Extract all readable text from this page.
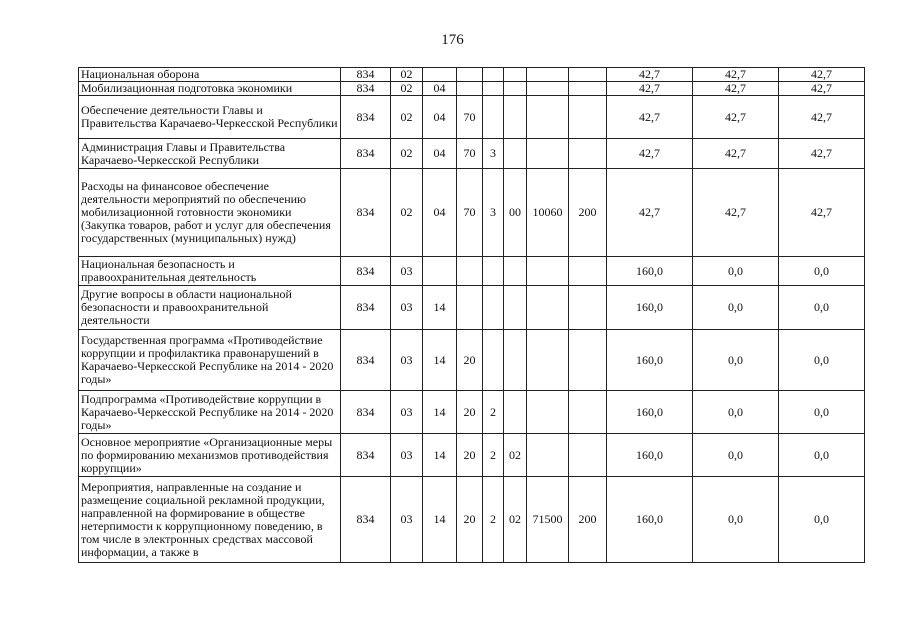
176
Национальная оборона	834	02							42,7	42,7	42,7
Мобилизационная подготовка экономики	834	02	04						42,7	42,7	42,7
Обеспечение деятельности Главы и Правительства Карачаево-Черкесской Республики	834	02	04	70					42,7	42,7	42,7
Администрация Главы и Правительства Карачаево-Черкесской Республики	834	02	04	70	3				42,7	42,7	42,7
Расходы на финансовое обеспечение деятельности мероприятий по обеспечению мобилизационной готовности экономики (Закупка товаров, работ и услуг для обеспечения государственных (муниципальных) нужд)	834	02	04	70	3	00	10060	200	42,7	42,7	42,7
Национальная безопасность и правоохранительная деятельность	834	03							160,0	0,0	0,0
Другие вопросы в области национальной безопасности и правоохранительной деятельности	834	03	14						160,0	0,0	0,0
Государственная программа «Противодействие коррупции и профилактика правонарушений в Карачаево-Черкесской Республике на 2014 - 2020 годы»	834	03	14	20					160,0	0,0	0,0
Подпрограмма «Противодействие коррупции в Карачаево-Черкесской Республике на 2014 - 2020 годы»	834	03	14	20	2				160,0	0,0	0,0
Основное мероприятие «Организационные меры по формированию механизмов противодействия коррупции»	834	03	14	20	2	02			160,0	0,0	0,0
Мероприятия, направленные на создание и размещение социальной рекламной продукции, направленной на формирование в обществе нетерпимости к коррупционному поведению, в том числе в электронных средствах массовой информации, а также в	834	03	14	20	2	02	71500	200	160,0	0,0	0,0
